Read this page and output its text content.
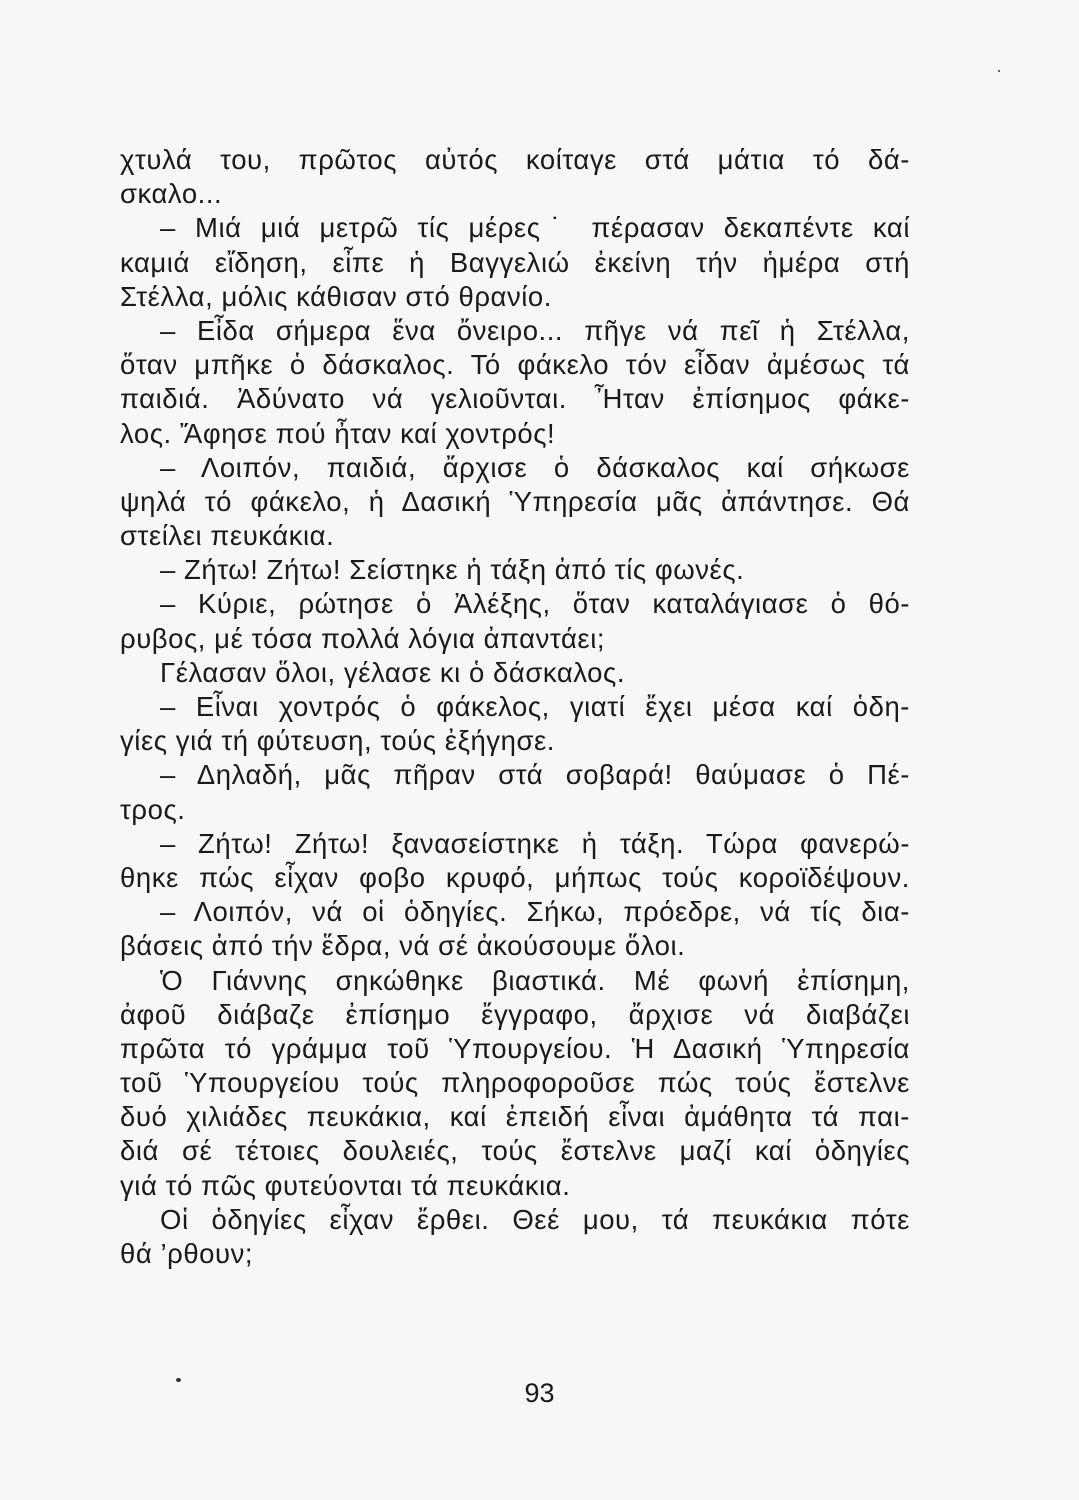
χτυλά του, πρῶτος αὐτός κοίταγε στά μάτια τό δά-
σκαλο...
– Μιά μιά μετρῶ τίς μέρες˙ πέρασαν δεκαπέντε καί
καμιά εἴδηση, εἶπε ἡ Βαγγελιώ ἐκείνη τήν ἡμέρα στή
Στέλλα, μόλις κάθισαν στό θρανίο.
– Εἶδα σήμερα ἕνα ὄνειρο... πῆγε νά πεῖ ἡ Στέλλα,
ὅταν μπῆκε ὁ δάσκαλος. Τό φάκελο τόν εἶδαν ἀμέσως τά
παιδιά. Ἀδύνατο νά γελιοῦνται. Ἦταν ἐπίσημος φάκε-
λος. Ἄφησε πού ἦταν καί χοντρός!
– Λοιπόν, παιδιά, ἄρχισε ὁ δάσκαλος καί σήκωσε
ψηλά τό φάκελο, ἡ Δασική Ὑπηρεσία μᾶς ἀπάντησε. Θά
στείλει πευκάκια.
– Ζήτω! Ζήτω! Σείστηκε ἡ τάξη ἀπό τίς φωνές.
– Κύριε, ρώτησε ὁ Ἀλέξης, ὅταν καταλάγιασε ὁ θό-
ρυβος, μέ τόσα πολλά λόγια ἀπαντάει;
Γέλασαν ὅλοι, γέλασε κι ὁ δάσκαλος.
– Εἶναι χοντρός ὁ φάκελος, γιατί ἔχει μέσα καί ὁδη-
γίες γιά τή φύτευση, τούς ἐξήγησε.
– Δηλαδή, μᾶς πῆραν στά σοβαρά! θαύμασε ὁ Πέ-
τρος.
– Ζήτω! Ζήτω! ξανασείστηκε ἡ τάξη. Τώρα φανερώ-
θηκε πώς εἶχαν φοβο κρυφό, μήπως τούς κοροϊδέψουν.
– Λοιπόν, νά οἱ ὁδηγίες. Σήκω, πρόεδρε, νά τίς δια-
βάσεις ἀπό τήν ἕδρα, νά σέ ἀκούσουμε ὅλοι.
Ὁ Γιάννης σηκώθηκε βιαστικά. Μέ φωνή ἐπίσημη,
ἀφοῦ διάβαζε ἐπίσημο ἔγγραφο, ἄρχισε νά διαβάζει
πρῶτα τό γράμμα τοῦ Ὑπουργείου. Ἡ Δασική Ὑπηρεσία
τοῦ Ὑπουργείου τούς πληροφοροῦσε πώς τούς ἔστελνε
δυό χιλιάδες πευκάκια, καί ἐπειδή εἶναι ἀμάθητα τά παι-
διά σέ τέτοιες δουλειές, τούς ἔστελνε μαζί καί ὁδηγίες
γιά τό πῶς φυτεύονται τά πευκάκια.
Οἱ ὁδηγίες εἶχαν ἔρθει. Θεέ μου, τά πευκάκια πότε
θά ’ρθουν;
93
